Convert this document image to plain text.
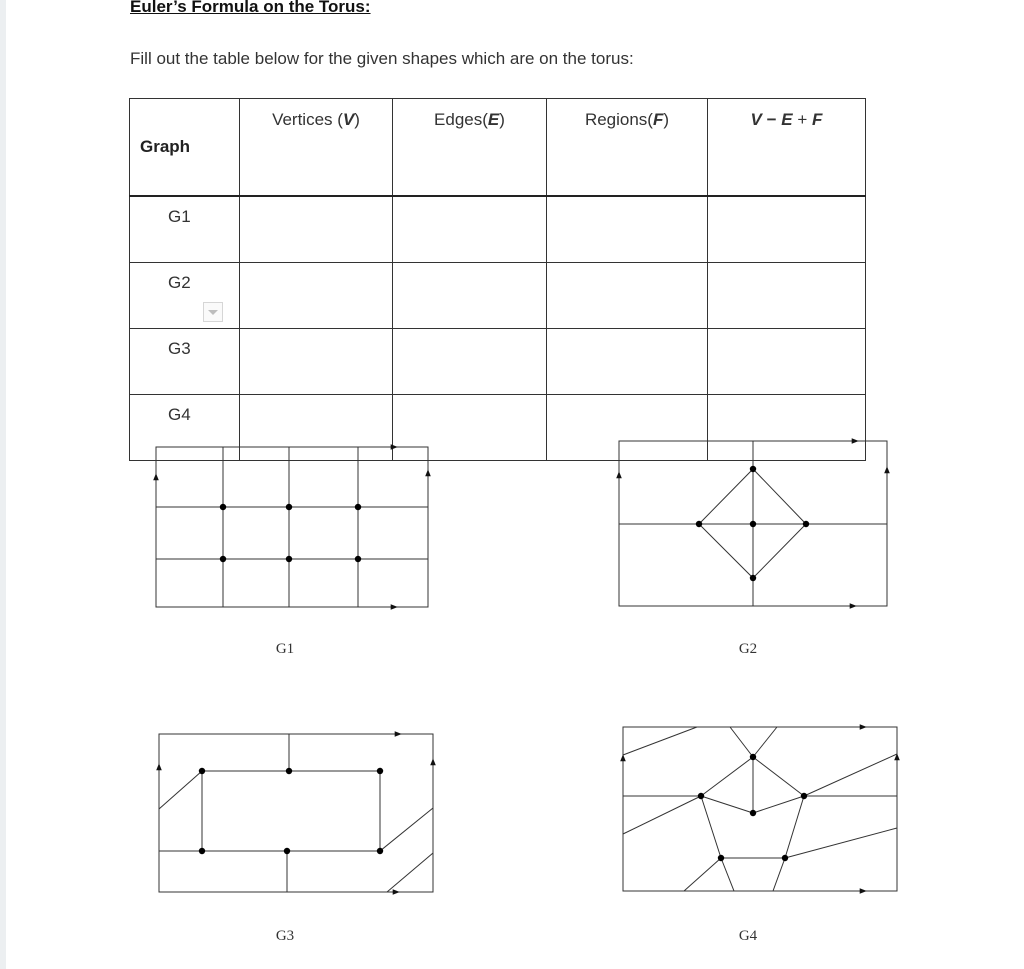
Euler’s Formula on the Torus:

Fill out the table below for the given shapes which are on the torus:

Graph	Vertices (V)	Edges(E)	Regions(F)	V − E + F
G1				
G2				
G3				
G4				
G1	G2
G3	G4
